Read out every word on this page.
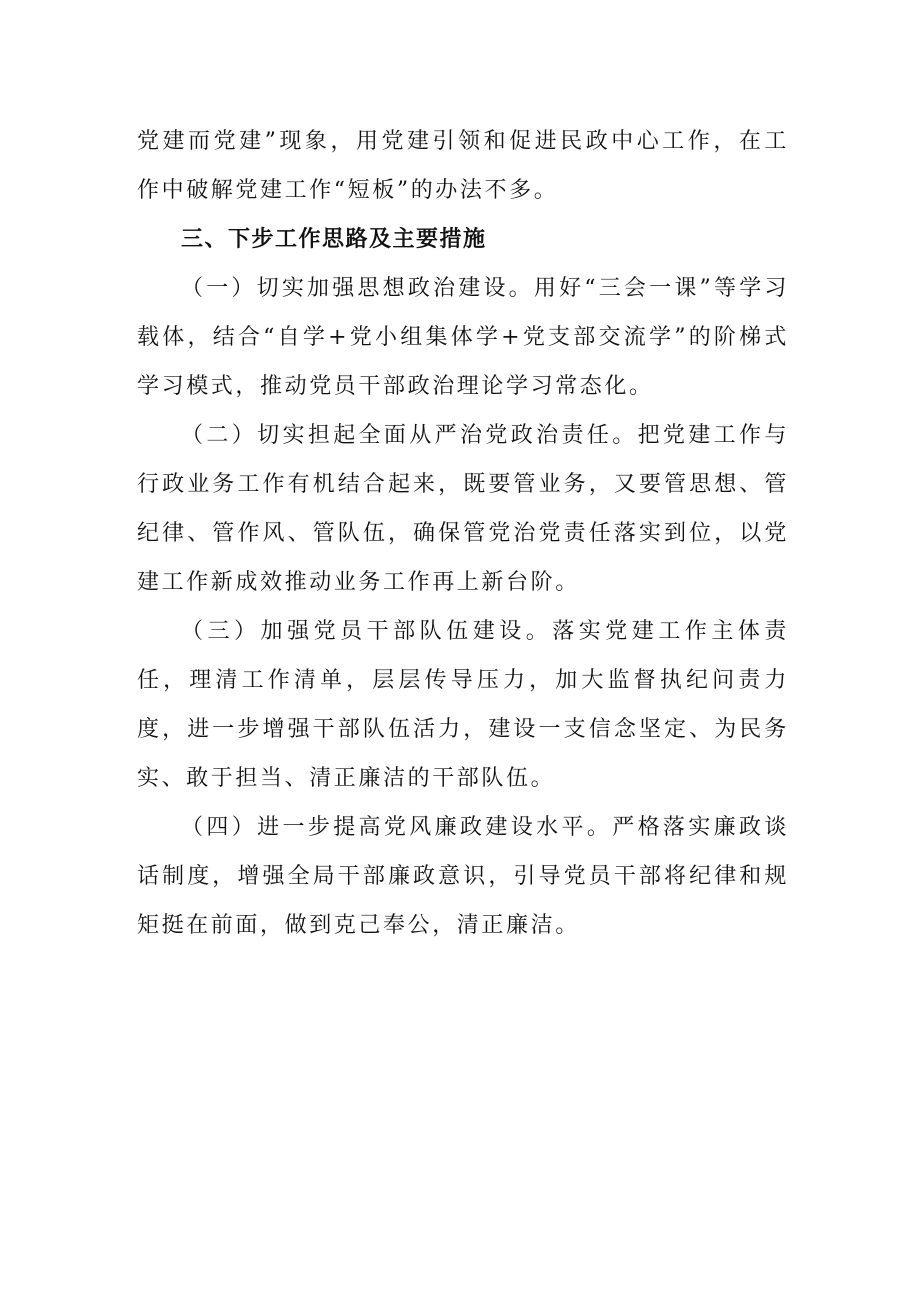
党建而党建”现象，用党建引领和促进民政中心工作，在工作中破解党建工作“短板”的办法不多。

三、下步工作思路及主要措施

（一）切实加强思想政治建设。用好“三会一课”等学习载体，结合“自学+党小组集体学+党支部交流学”的阶梯式学习模式，推动党员干部政治理论学习常态化。

（二）切实担起全面从严治党政治责任。把党建工作与行政业务工作有机结合起来，既要管业务，又要管思想、管纪律、管作风、管队伍，确保管党治党责任落实到位，以党建工作新成效推动业务工作再上新台阶。

（三）加强党员干部队伍建设。落实党建工作主体责任，理清工作清单，层层传导压力，加大监督执纪问责力度，进一步增强干部队伍活力，建设一支信念坚定、为民务实、敢于担当、清正廉洁的干部队伍。

（四）进一步提高党风廉政建设水平。严格落实廉政谈话制度，增强全局干部廉政意识，引导党员干部将纪律和规矩挺在前面，做到克己奉公，清正廉洁。
